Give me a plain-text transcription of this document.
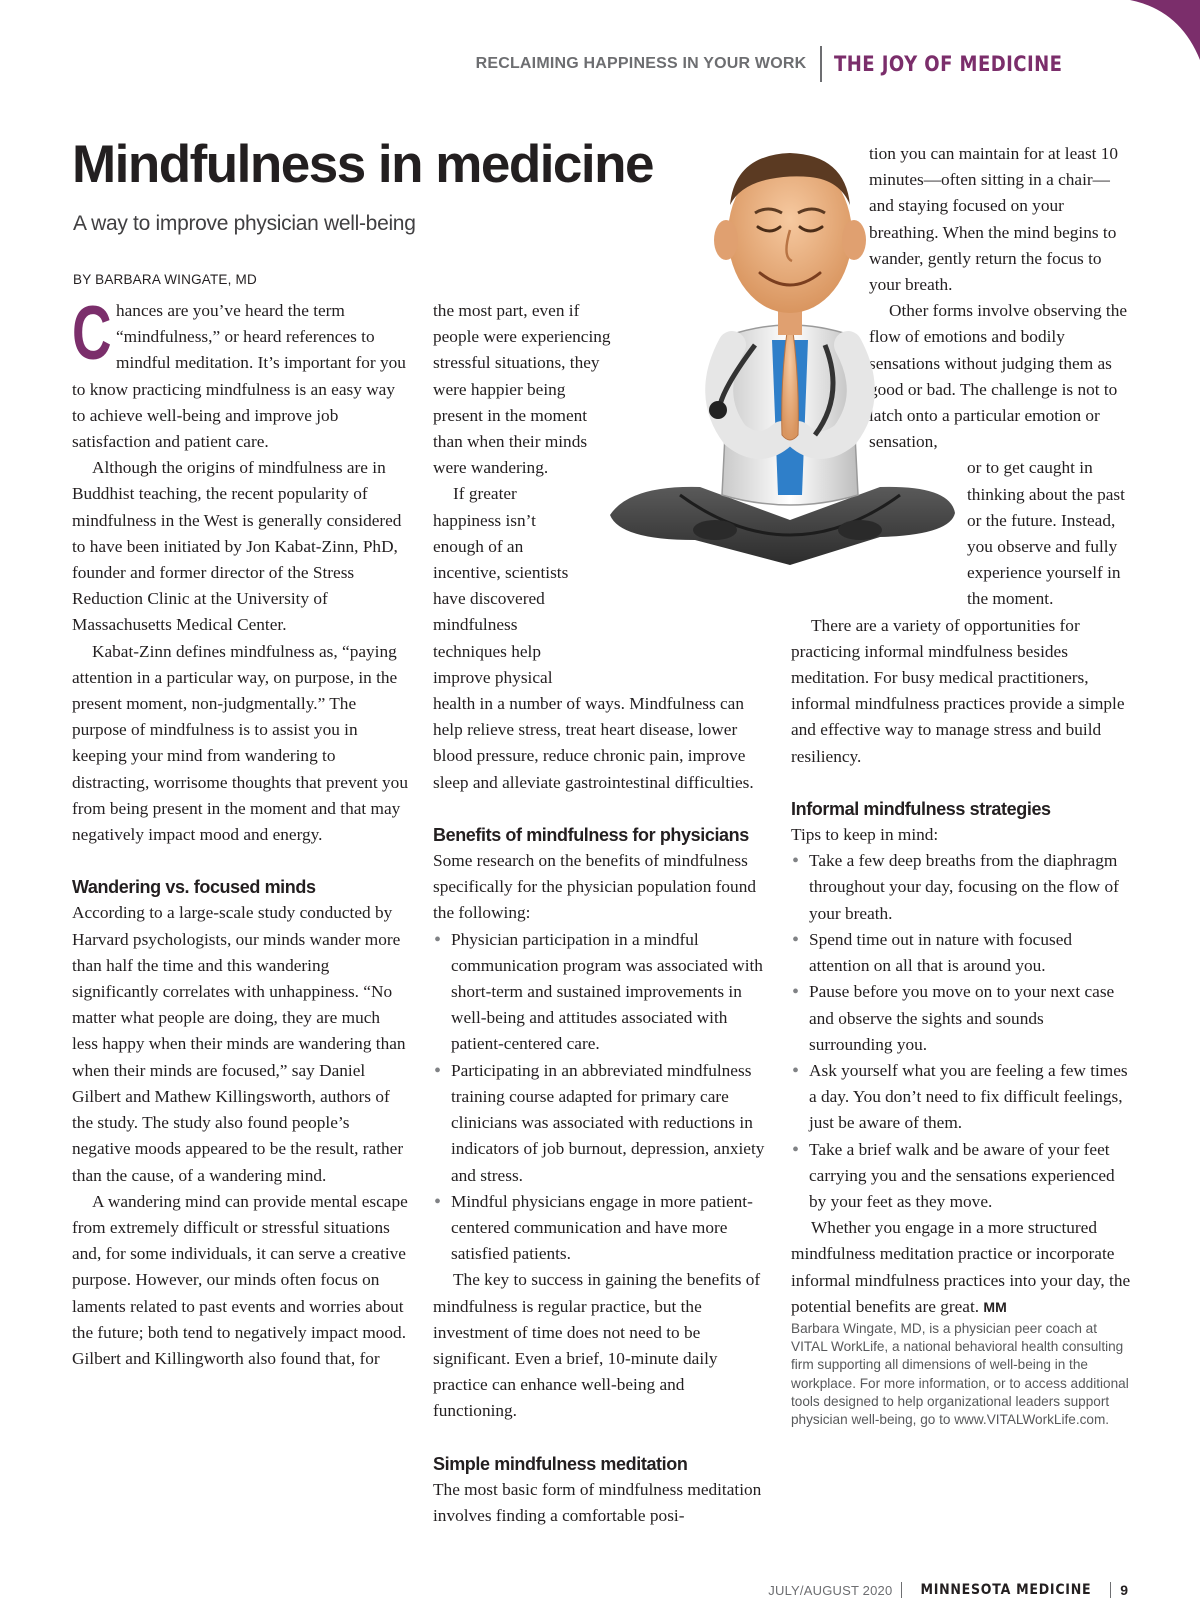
RECLAIMING HAPPINESS IN YOUR WORK THE JOY OF MEDICINE
Mindfulness in medicine
A way to improve physician well-being
BY BARBARA WINGATE, MD

Chances are you’ve heard the term “mindfulness,” or heard references to mindful meditation. It’s important for you to know practicing mindfulness is an easy way to achieve well-being and improve job satisfaction and patient care.

Although the origins of mindfulness are in Buddhist teaching, the recent popularity of mindfulness in the West is generally considered to have been initiated by Jon Kabat-Zinn, PhD, founder and former director of the Stress Reduction Clinic at the University of Massachusetts Medical Center.

Kabat-Zinn defines mindfulness as, “paying attention in a particular way, on purpose, in the present moment, non-judgmentally.” The purpose of mindfulness is to assist you in keeping your mind from wandering to distracting, worrisome thoughts that prevent you from being present in the moment and that may negatively impact mood and energy.

Wandering vs. focused minds

According to a large-scale study conducted by Harvard psychologists, our minds wander more than half the time and this wandering significantly correlates with unhappiness. “No matter what people are doing, they are much less happy when their minds are wandering than when their minds are focused,” say Daniel Gilbert and Mathew Killingsworth, authors of the study. The study also found people’s negative moods appeared to be the result, rather than the cause, of a wandering mind.

A wandering mind can provide mental escape from extremely difficult or stressful situations and, for some individuals, it can serve a creative purpose. However, our minds often focus on laments related to past events and worries about the future; both tend to negatively impact mood. Gilbert and Killingworth also found that, for

the most part, even if people were experiencing stressful situations, they were happier being present in the moment than when their minds were wandering.

If greater happiness isn’t enough of an incentive, scientists have discovered mindfulness techniques help improve physical

health in a number of ways. Mindfulness can help relieve stress, treat heart disease, lower blood pressure, reduce chronic pain, improve sleep and alleviate gastrointestinal difficulties.

Benefits of mindfulness for physicians

Some research on the benefits of mindfulness specifically for the physician population found the following:

• Physician participation in a mindful communication program was associated with short-term and sustained improvements in well-being and attitudes associated with patient-centered care.
• Participating in an abbreviated mindfulness training course adapted for primary care clinicians was associated with reductions in indicators of job burnout, depression, anxiety and stress.
• Mindful physicians engage in more patient-centered communication and have more satisfied patients.

The key to success in gaining the benefits of mindfulness is regular practice, but the investment of time does not need to be significant. Even a brief, 10-minute daily practice can enhance well-being and functioning.

Simple mindfulness meditation

The most basic form of mindfulness meditation involves finding a comfortable posi-

tion you can maintain for at least 10 minutes—often sitting in a chair—and staying focused on your breathing. When the mind begins to wander, gently return the focus to your breath.

Other forms involve observing the flow of emotions and bodily sensations without judging them as good or bad. The challenge is not to latch onto a particular emotion or sensation,

or to get caught in thinking about the past or the future. Instead, you observe and fully experience yourself in the moment.

There are a variety of opportunities for practicing informal mindfulness besides meditation. For busy medical practitioners, informal mindfulness practices provide a simple and effective way to manage stress and build resiliency.

Informal mindfulness strategies

Tips to keep in mind:

• Take a few deep breaths from the diaphragm throughout your day, focusing on the flow of your breath.
• Spend time out in nature with focused attention on all that is around you.
• Pause before you move on to your next case and observe the sights and sounds surrounding you.
• Ask yourself what you are feeling a few times a day. You don’t need to fix difficult feelings, just be aware of them.
• Take a brief walk and be aware of your feet carrying you and the sensations experienced by your feet as they move.

Whether you engage in a more structured mindfulness meditation practice or incorporate informal mindfulness practices into your day, the potential benefits are great. MM

Barbara Wingate, MD, is a physician peer coach at VITAL WorkLife, a national behavioral health consulting firm supporting all dimensions of well-being in the workplace. For more information, or to access additional tools designed to help organizational leaders support physician well-being, go to www.VITALWorkLife.com.

JULY/AUGUST 2020 MINNESOTA MEDICINE 9
